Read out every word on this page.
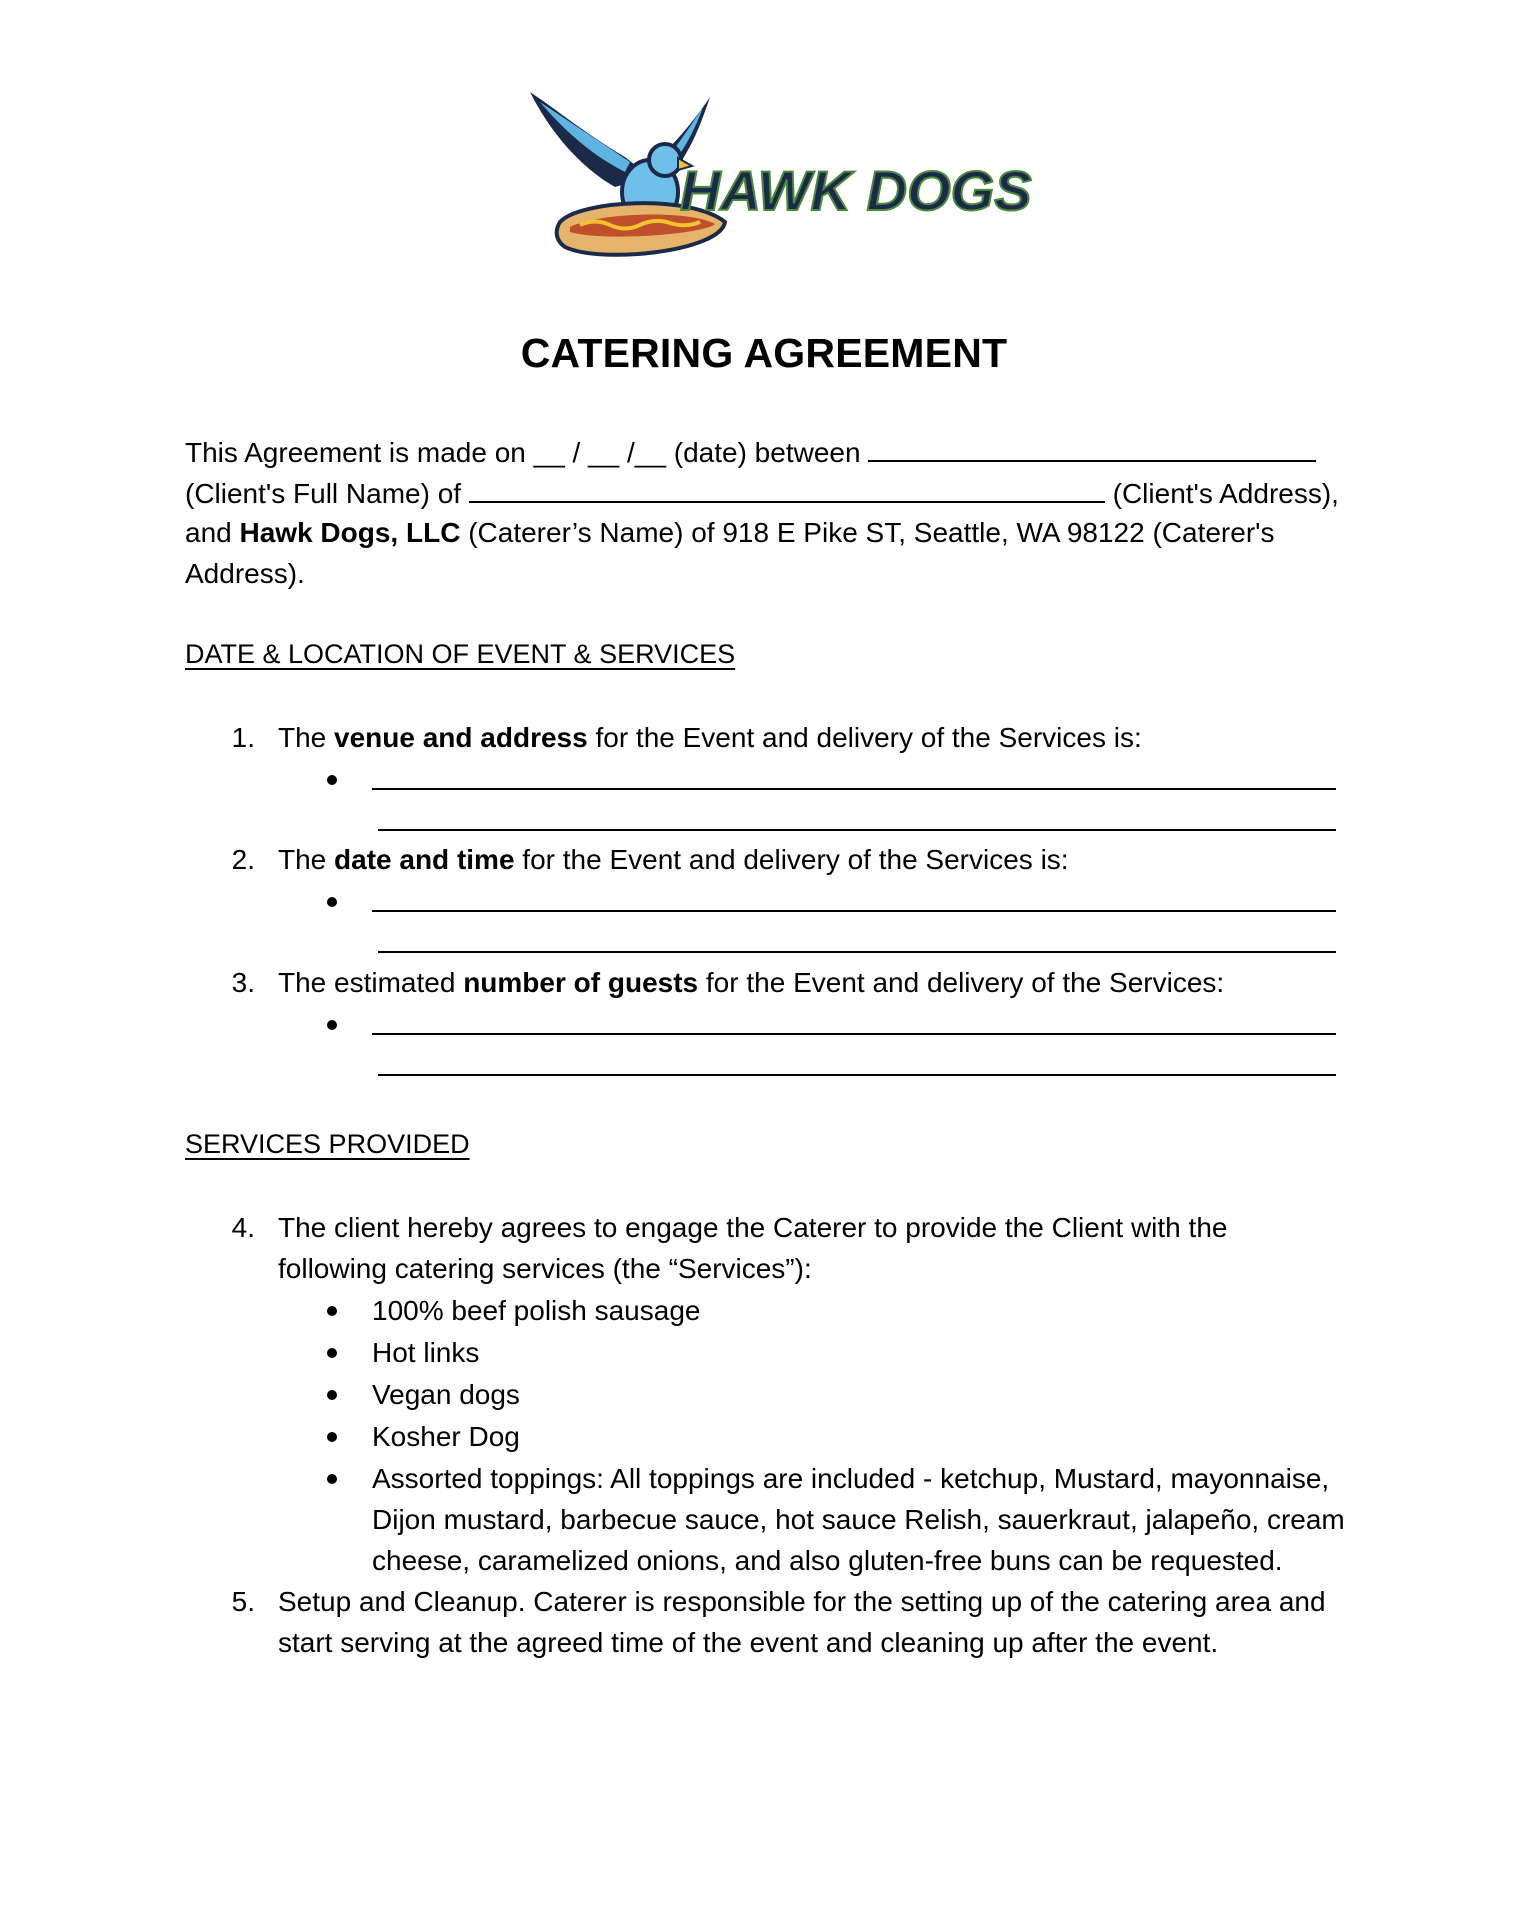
HAWK DOGS
CATERING AGREEMENT
This Agreement is made on __ / __ /__ (date) between
(Client's Full Name) of	(Client's Address),
and Hawk Dogs, LLC (Caterer’s Name) of 918 E Pike ST, Seattle, WA 98122 (Caterer's
Address).
DATE & LOCATION OF EVENT & SERVICES
1. The venue and address for the Event and delivery of the Services is:
2. The date and time for the Event and delivery of the Services is:
3. The estimated number of guests for the Event and delivery of the Services:
SERVICES PROVIDED
4. The client hereby agrees to engage the Caterer to provide the Client with the
following catering services (the “Services”):
100% beef polish sausage
Hot links
Vegan dogs
Kosher Dog
Assorted toppings: All toppings are included - ketchup, Mustard, mayonnaise,
Dijon mustard, barbecue sauce, hot sauce Relish, sauerkraut, jalapeño, cream
cheese, caramelized onions, and also gluten-free buns can be requested.
5. Setup and Cleanup. Caterer is responsible for the setting up of the catering area and
start serving at the agreed time of the event and cleaning up after the event.
